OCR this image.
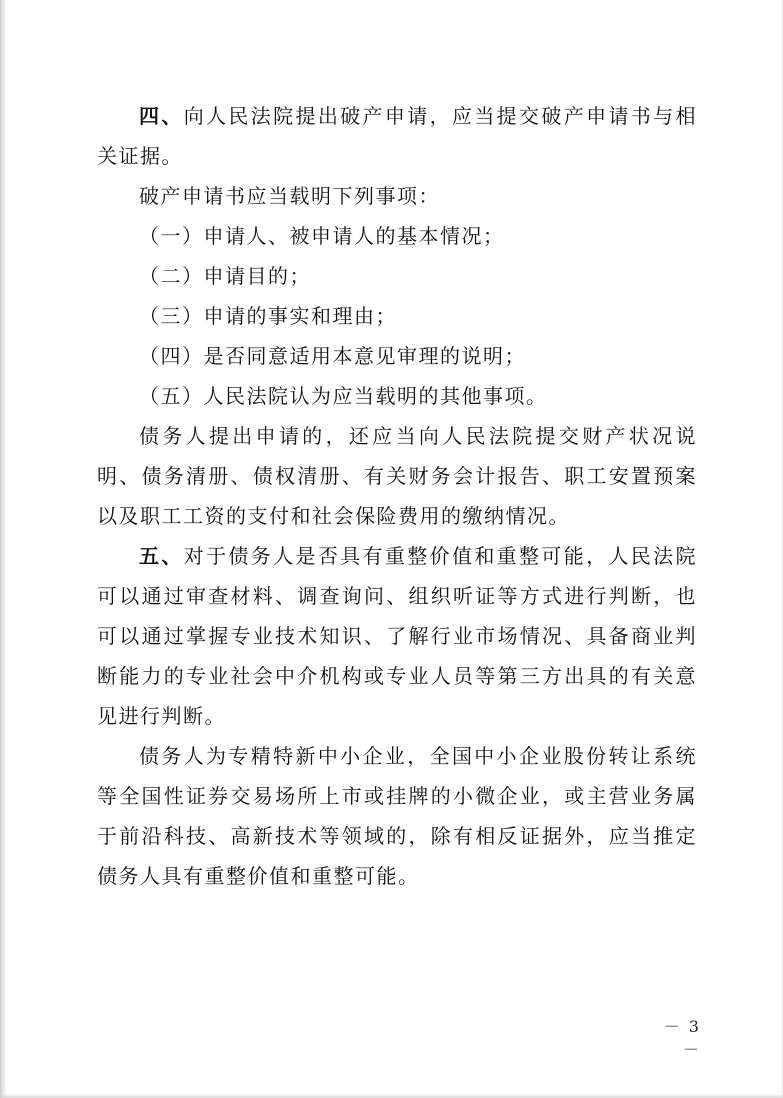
四、向人民法院提出破产申请，应当提交破产申请书与相关证据。

破产申请书应当载明下列事项：

（一）申请人、被申请人的基本情况；

（二）申请目的；

（三）申请的事实和理由；

（四）是否同意适用本意见审理的说明；

（五）人民法院认为应当载明的其他事项。

债务人提出申请的，还应当向人民法院提交财产状况说明、债务清册、债权清册、有关财务会计报告、职工安置预案以及职工工资的支付和社会保险费用的缴纳情况。

五、对于债务人是否具有重整价值和重整可能，人民法院可以通过审查材料、调查询问、组织听证等方式进行判断，也可以通过掌握专业技术知识、了解行业市场情况、具备商业判断能力的专业社会中介机构或专业人员等第三方出具的有关意见进行判断。

债务人为专精特新中小企业，全国中小企业股份转让系统等全国性证券交易场所上市或挂牌的小微企业，或主营业务属于前沿科技、高新技术等领域的，除有相反证据外，应当推定债务人具有重整价值和重整可能。

－ 3 －
